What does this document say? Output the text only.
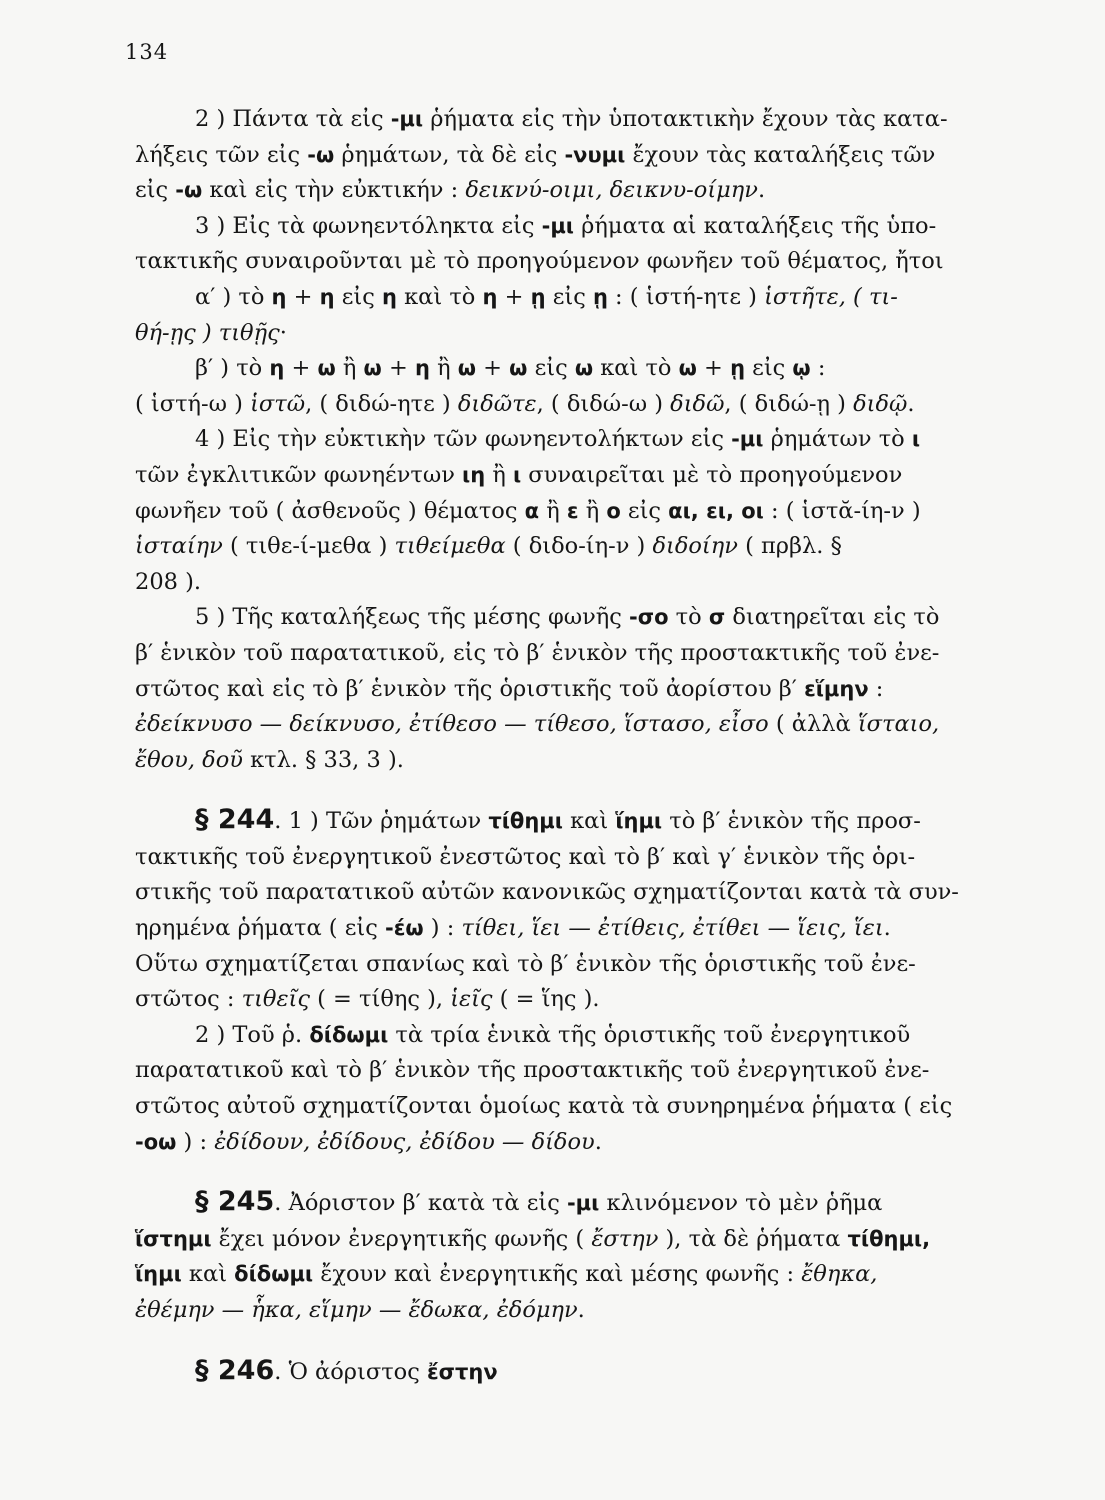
134
2 ) Πάντα τὰ εἰς -μι ῥήματα εἰς τὴν ὑποτακτικὴν ἔχουν τὰς κατα-
λήξεις τῶν εἰς -ω ῥημάτων, τὰ δὲ εἰς -νυμι ἔχουν τὰς καταλήξεις τῶν
εἰς -ω καὶ εἰς τὴν εὐκτικήν : δεικνύ-οιμι, δεικνυ-οίμην.
3 ) Εἰς τὰ φωνηεντόληκτα εἰς -μι ῥήματα αἱ καταλήξεις τῆς ὑπο-
τακτικῆς συναιροῦνται μὲ τὸ προηγούμενον φωνῆεν τοῦ θέματος, ἤτοι
α′ ) τὸ η + η εἰς η καὶ τὸ η + ῃ εἰς ῃ : ( ἱστή-ητε ) ἱστῆτε, ( τι-
θή-ῃς ) τιθῇς·
β′ ) τὸ η + ω ἢ ω + η ἢ ω + ω εἰς ω καὶ τὸ ω + ῃ εἰς ῳ :
( ἱστή-ω ) ἱστῶ, ( διδώ-ητε ) διδῶτε, ( διδώ-ω ) διδῶ, ( διδώ-ῃ ) διδῷ.
4 ) Εἰς τὴν εὐκτικὴν τῶν φωνηεντολήκτων εἰς -μι ῥημάτων τὸ ι
τῶν ἐγκλιτικῶν φωνηέντων ιη ἢ ι συναιρεῖται μὲ τὸ προηγούμενον
φωνῆεν τοῦ ( ἀσθενοῦς ) θέματος α ἢ ε ἢ ο εἰς αι, ει, οι : ( ἱστᾰ-ίη-ν )
ἱσταίην ( τιθε-ί-μεθα ) τιθείμεθα ( διδο-ίη-ν ) διδοίην ( πρβλ. §
208 ).
5 ) Τῆς καταλήξεως τῆς μέσης φωνῆς -σο τὸ σ διατηρεῖται εἰς τὸ
β′ ἑνικὸν τοῦ παρατατικοῦ, εἰς τὸ β′ ἑνικὸν τῆς προστακτικῆς τοῦ ἐνε-
στῶτος καὶ εἰς τὸ β′ ἑνικὸν τῆς ὁριστικῆς τοῦ ἀορίστου β′ εἵμην :
ἐδείκνυσο — δείκνυσο, ἐτίθεσο — τίθεσο, ἵστασο, εἶσο ( ἀλλὰ ἵσταιο,
ἔθου, δοῦ κτλ. § 33, 3 ).
§ 244. 1 ) Τῶν ῥημάτων τίθημι καὶ ἵημι τὸ β′ ἑνικὸν τῆς προσ-
τακτικῆς τοῦ ἐνεργητικοῦ ἐνεστῶτος καὶ τὸ β′ καὶ γ′ ἑνικὸν τῆς ὁρι-
στικῆς τοῦ παρατατικοῦ αὐτῶν κανονικῶς σχηματίζονται κατὰ τὰ συν-
ηρημένα ῥήματα ( εἰς -έω ) : τίθει, ἵει — ἐτίθεις, ἐτίθει — ἵεις, ἵει.
Οὕτω σχηματίζεται σπανίως καὶ τὸ β′ ἑνικὸν τῆς ὁριστικῆς τοῦ ἐνε-
στῶτος : τιθεῖς ( = τίθης ), ἱεῖς ( = ἵης ).
2 ) Τοῦ ῥ. δίδωμι τὰ τρία ἑνικὰ τῆς ὁριστικῆς τοῦ ἐνεργητικοῦ
παρατατικοῦ καὶ τὸ β′ ἑνικὸν τῆς προστακτικῆς τοῦ ἐνεργητικοῦ ἐνε-
στῶτος αὐτοῦ σχηματίζονται ὁμοίως κατὰ τὰ συνηρημένα ῥήματα ( εἰς
-οω ) : ἐδίδουν, ἐδίδους, ἐδίδου — δίδου.
§ 245. Ἀόριστον β′ κατὰ τὰ εἰς -μι κλινόμενον τὸ μὲν ῥῆμα
ἵστημι ἔχει μόνον ἐνεργητικῆς φωνῆς ( ἔστην ), τὰ δὲ ῥήματα τίθημι,
ἵημι καὶ δίδωμι ἔχουν καὶ ἐνεργητικῆς καὶ μέσης φωνῆς : ἔθηκα,
ἐθέμην — ἧκα, εἵμην — ἔδωκα, ἐδόμην.
§ 246. Ὁ ἀόριστος ἔστην
